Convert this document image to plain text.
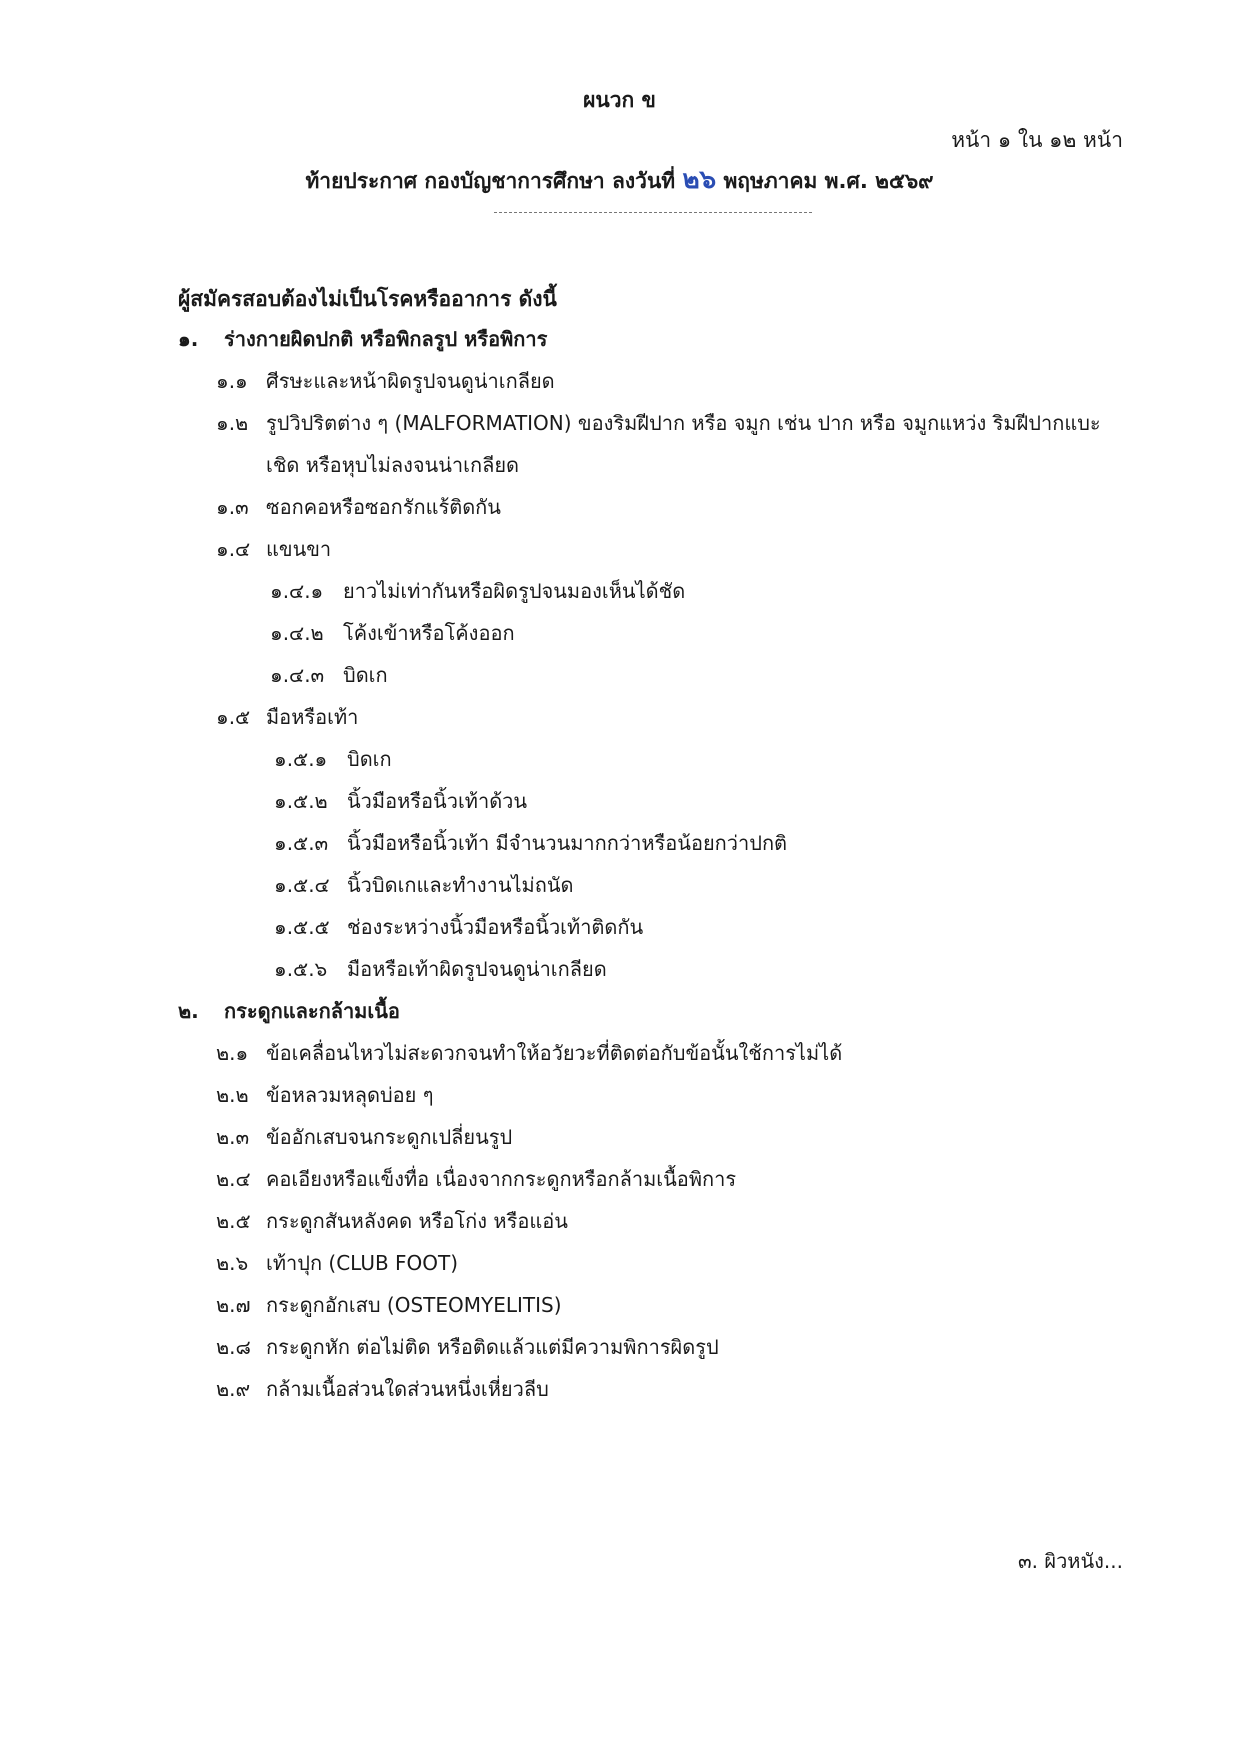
ผนวก ข
หน้า ๑ ใน ๑๒ หน้า
ท้ายประกาศ กองบัญชาการศึกษา ลงวันที่ ๒๖ พฤษภาคม พ.ศ. ๒๕๖๙
ผู้สมัครสอบต้องไม่เป็นโรคหรืออาการ ดังนี้
๑. ร่างกายผิดปกติ หรือพิกลรูป หรือพิการ
๑.๑ ศีรษะและหน้าผิดรูปจนดูน่าเกลียด
๑.๒ รูปวิปริตต่าง ๆ (MALFORMATION) ของริมฝีปาก หรือ จมูก เช่น ปาก หรือ จมูกแหว่ง ริมฝีปากแบะ
เชิด หรือหุบไม่ลงจนน่าเกลียด
๑.๓ ซอกคอหรือซอกรักแร้ติดกัน
๑.๔ แขนขา
๑.๔.๑ ยาวไม่เท่ากันหรือผิดรูปจนมองเห็นได้ชัด
๑.๔.๒ โค้งเข้าหรือโค้งออก
๑.๔.๓ บิดเก
๑.๕ มือหรือเท้า
๑.๕.๑ บิดเก
๑.๕.๒ นิ้วมือหรือนิ้วเท้าด้วน
๑.๕.๓ นิ้วมือหรือนิ้วเท้า มีจำนวนมากกว่าหรือน้อยกว่าปกติ
๑.๕.๔ นิ้วบิดเกและทำงานไม่ถนัด
๑.๕.๕ ช่องระหว่างนิ้วมือหรือนิ้วเท้าติดกัน
๑.๕.๖ มือหรือเท้าผิดรูปจนดูน่าเกลียด
๒. กระดูกและกล้ามเนื้อ
๒.๑ ข้อเคลื่อนไหวไม่สะดวกจนทำให้อวัยวะที่ติดต่อกับข้อนั้นใช้การไม่ได้
๒.๒ ข้อหลวมหลุดบ่อย ๆ
๒.๓ ข้ออักเสบจนกระดูกเปลี่ยนรูป
๒.๔ คอเอียงหรือแข็งทื่อ เนื่องจากกระดูกหรือกล้ามเนื้อพิการ
๒.๕ กระดูกสันหลังคด หรือโก่ง หรือแอ่น
๒.๖ เท้าปุก (CLUB FOOT)
๒.๗ กระดูกอักเสบ (OSTEOMYELITIS)
๒.๘ กระดูกหัก ต่อไม่ติด หรือติดแล้วแต่มีความพิการผิดรูป
๒.๙ กล้ามเนื้อส่วนใดส่วนหนึ่งเหี่ยวลีบ
๓. ผิวหนัง...
